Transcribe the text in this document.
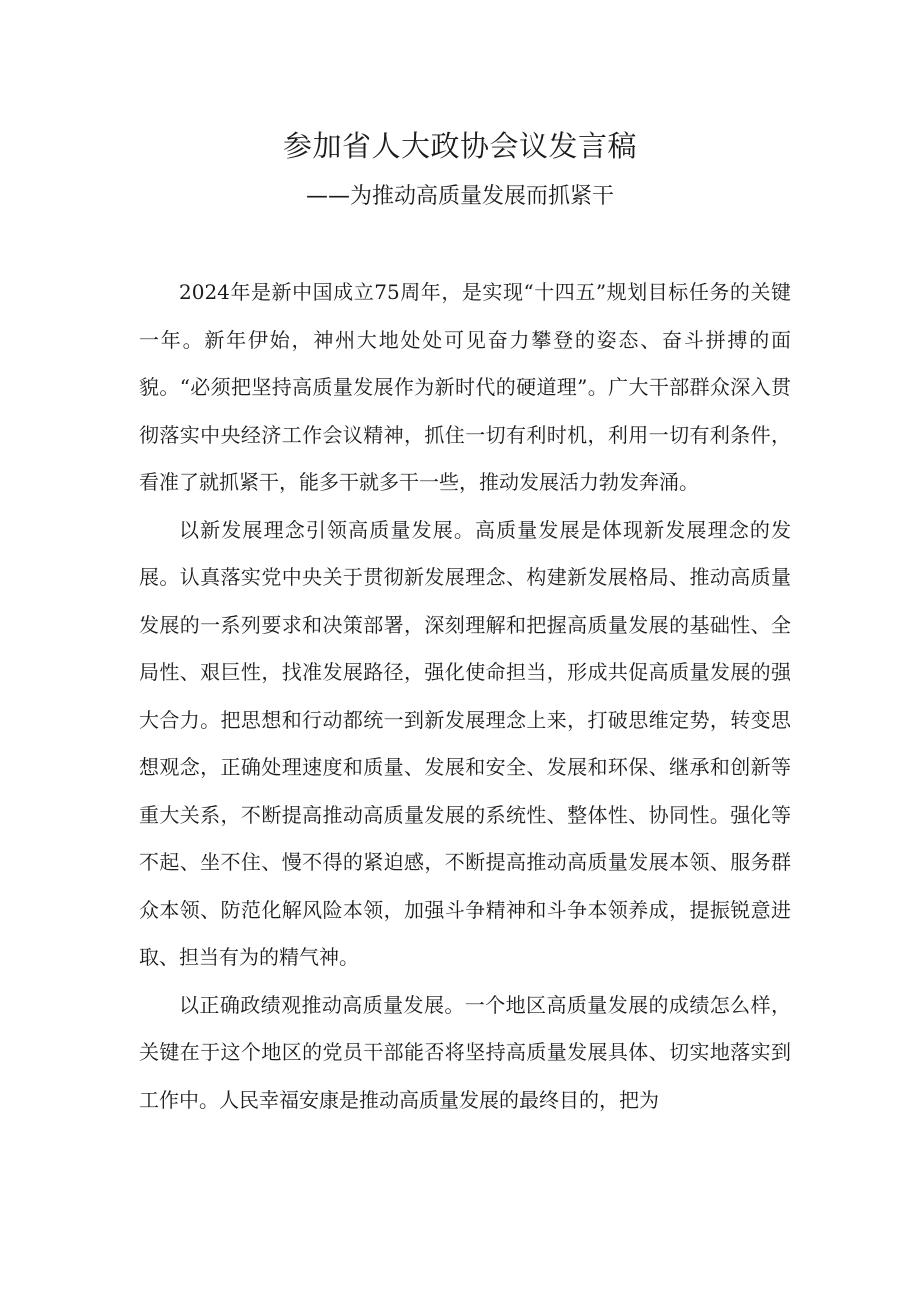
参加省人大政协会议发言稿
——为推动高质量发展而抓紧干

2024年是新中国成立75周年，是实现“十四五”规划目标任务的关键一年。新年伊始，神州大地处处可见奋力攀登的姿态、奋斗拼搏的面貌。“必须把坚持高质量发展作为新时代的硬道理”。广大干部群众深入贯彻落实中央经济工作会议精神，抓住一切有利时机，利用一切有利条件，看准了就抓紧干，能多干就多干一些，推动发展活力勃发奔涌。

以新发展理念引领高质量发展。高质量发展是体现新发展理念的发展。认真落实党中央关于贯彻新发展理念、构建新发展格局、推动高质量发展的一系列要求和决策部署，深刻理解和把握高质量发展的基础性、全局性、艰巨性，找准发展路径，强化使命担当，形成共促高质量发展的强大合力。把思想和行动都统一到新发展理念上来，打破思维定势，转变思想观念，正确处理速度和质量、发展和安全、发展和环保、继承和创新等重大关系，不断提高推动高质量发展的系统性、整体性、协同性。强化等不起、坐不住、慢不得的紧迫感，不断提高推动高质量发展本领、服务群众本领、防范化解风险本领，加强斗争精神和斗争本领养成，提振锐意进取、担当有为的精气神。

以正确政绩观推动高质量发展。一个地区高质量发展的成绩怎么样，关键在于这个地区的党员干部能否将坚持高质量发展具体、切实地落实到工作中。人民幸福安康是推动高质量发展的最终目的，把为
